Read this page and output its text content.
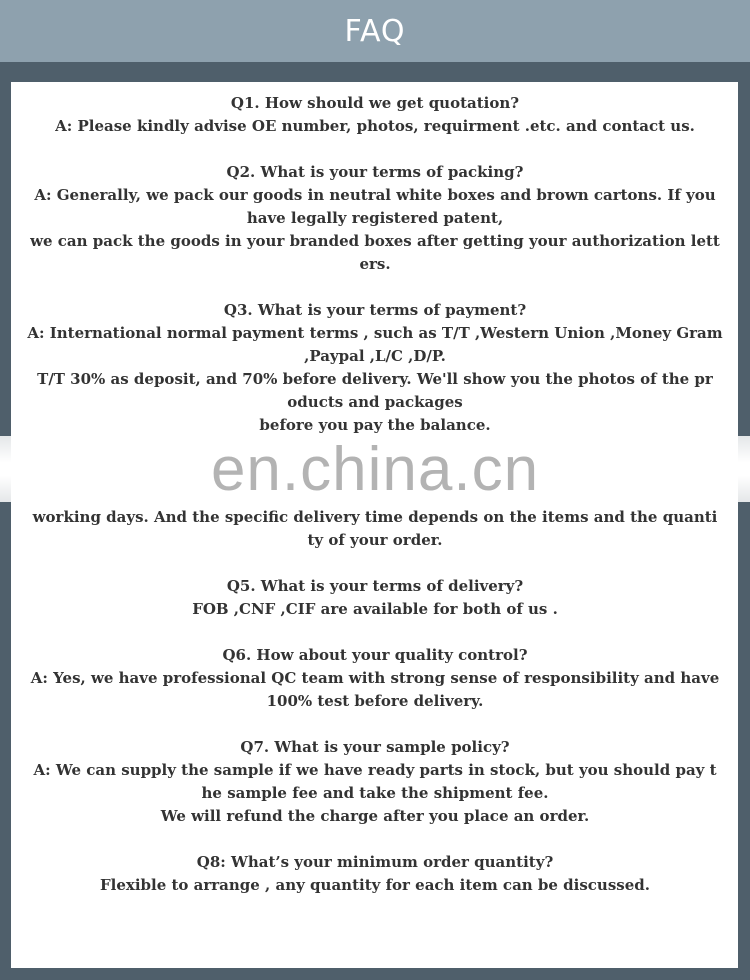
FAQ
Q1. How should we get quotation?
A: Please kindly advise OE number, photos, requirment .etc. and contact us.
Q2. What is your terms of packing?
A: Generally, we pack our goods in neutral white boxes and brown cartons. If you
have legally registered patent,
we can pack the goods in your branded boxes after getting your authorization lett
ers.
Q3. What is your terms of payment?
A: International normal payment terms , such as T/T ,Western Union ,Money Gram
,Paypal ,L/C ,D/P.
T/T 30% as deposit, and 70% before delivery. We'll show you the photos of the pr
oducts and packages
before you pay the balance.
working days. And the specific delivery time depends on the items and the quanti
ty of your order.
Q5. What is your terms of delivery?
FOB ,CNF ,CIF are available for both of us .
Q6. How about your quality control?
A: Yes, we have professional QC team with strong sense of responsibility and have
100% test before delivery.
Q7. What is your sample policy?
A: We can supply the sample if we have ready parts in stock, but you should pay t
he sample fee and take the shipment fee.
We will refund the charge after you place an order.
Q8: What’s your minimum order quantity?
Flexible to arrange , any quantity for each item can be discussed.
en.china.cn
